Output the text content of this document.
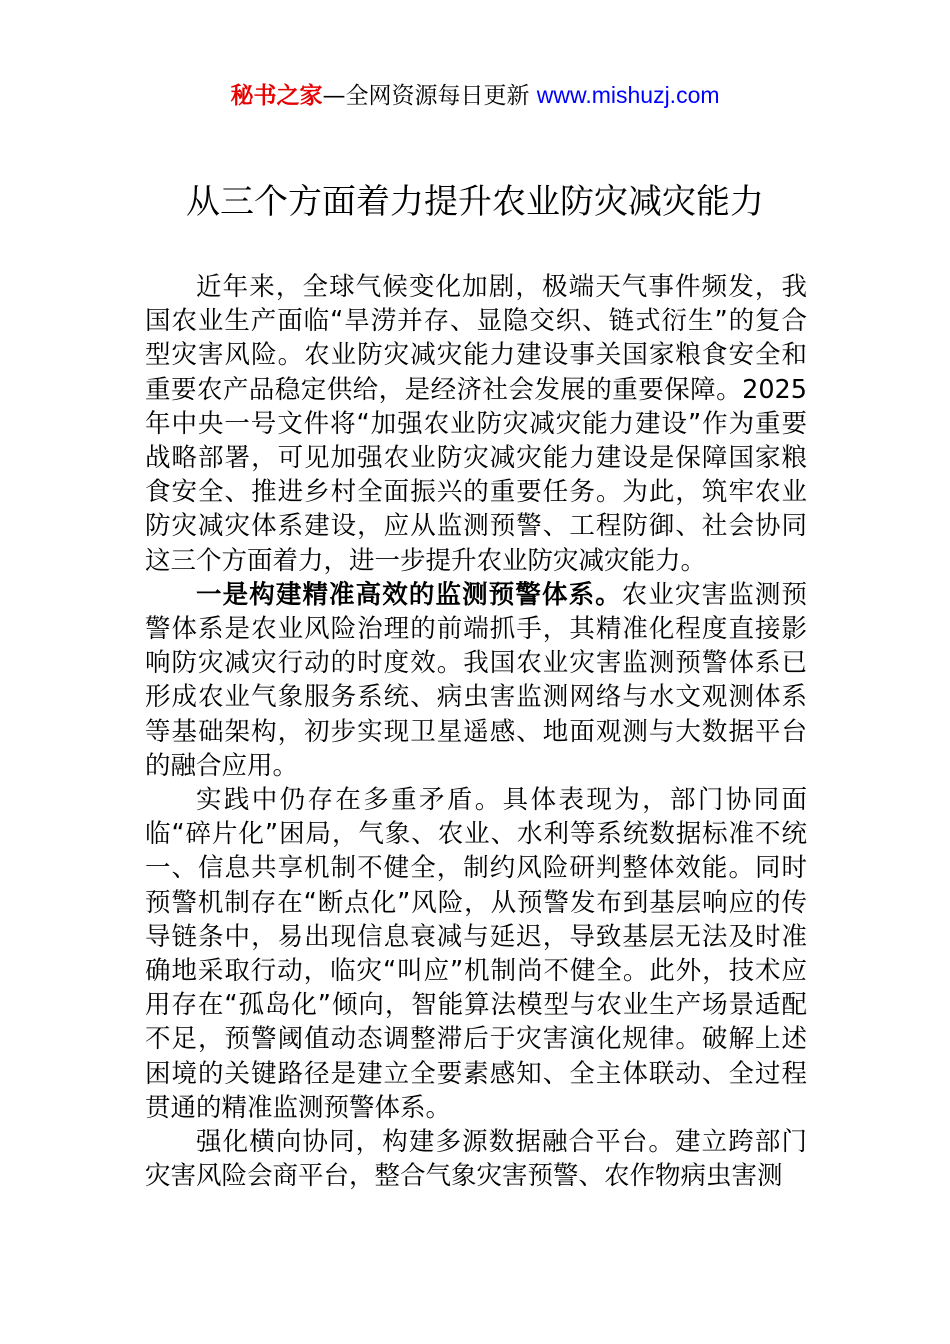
秘书之家—全网资源每日更新 www.mishuzj.com
从三个方面着力提升农业防灾减灾能力

近年来，全球气候变化加剧，极端天气事件频发，我国农业生产面临“旱涝并存、显隐交织、链式衍生”的复合型灾害风险。农业防灾减灾能力建设事关国家粮食安全和重要农产品稳定供给，是经济社会发展的重要保障。2025年中央一号文件将“加强农业防灾减灾能力建设”作为重要战略部署，可见加强农业防灾减灾能力建设是保障国家粮食安全、推进乡村全面振兴的重要任务。为此，筑牢农业防灾减灾体系建设，应从监测预警、工程防御、社会协同这三个方面着力，进一步提升农业防灾减灾能力。

一是构建精准高效的监测预警体系。农业灾害监测预警体系是农业风险治理的前端抓手，其精准化程度直接影响防灾减灾行动的时度效。我国农业灾害监测预警体系已形成农业气象服务系统、病虫害监测网络与水文观测体系等基础架构，初步实现卫星遥感、地面观测与大数据平台的融合应用。

实践中仍存在多重矛盾。具体表现为，部门协同面临“碎片化”困局，气象、农业、水利等系统数据标准不统一、信息共享机制不健全，制约风险研判整体效能。同时预警机制存在“断点化”风险，从预警发布到基层响应的传导链条中，易出现信息衰减与延迟，导致基层无法及时准确地采取行动，临灾“叫应”机制尚不健全。此外，技术应用存在“孤岛化”倾向，智能算法模型与农业生产场景适配不足，预警阈值动态调整滞后于灾害演化规律。破解上述困境的关键路径是建立全要素感知、全主体联动、全过程贯通的精准监测预警体系。

强化横向协同，构建多源数据融合平台。建立跨部门灾害风险会商平台，整合气象灾害预警、农作物病虫害测
